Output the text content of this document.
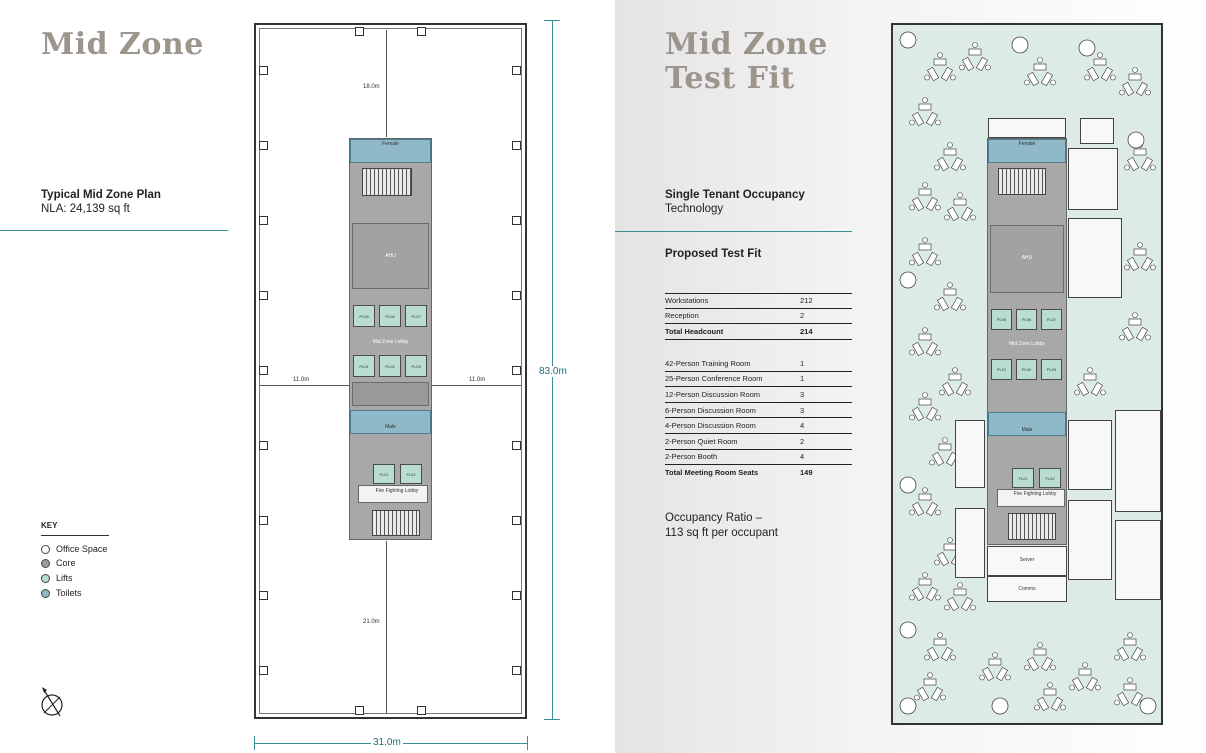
Mid Zone
Typical Mid Zone Plan
NLA: 24,139 sq ft
KEY
Office Space
Core
Lifts
Toilets
Female
AHU
PL05	PL06	PL07
Mid Zone Lobby
PL01	PL02	PL03
Male
FL01	FL02
Fire Fighting Lobby
18.0m
21.0m
11.0m	11.0m
83.0m
31.0m
Mid Zone
Test Fit
Single Tenant Occupancy
Technology
Proposed Test Fit
Workstations	212
Reception	2
Total Headcount	214
42-Person Training Room	1
25-Person Conference Room	1
12-Person Discussion Room	3
6-Person Discussion Room	3
4-Person Discussion Room	4
2-Person Quiet Room	2
2-Person Booth	4
Total Meeting Room Seats	149
Occupancy Ratio –
113 sq ft per occupant
Female
AHU
PL05	PL06	PL07
Mid Zone Lobby
PL01	PL02	PL03
Male
FL01	FL02
Fire Fighting Lobby
Server
Comms
